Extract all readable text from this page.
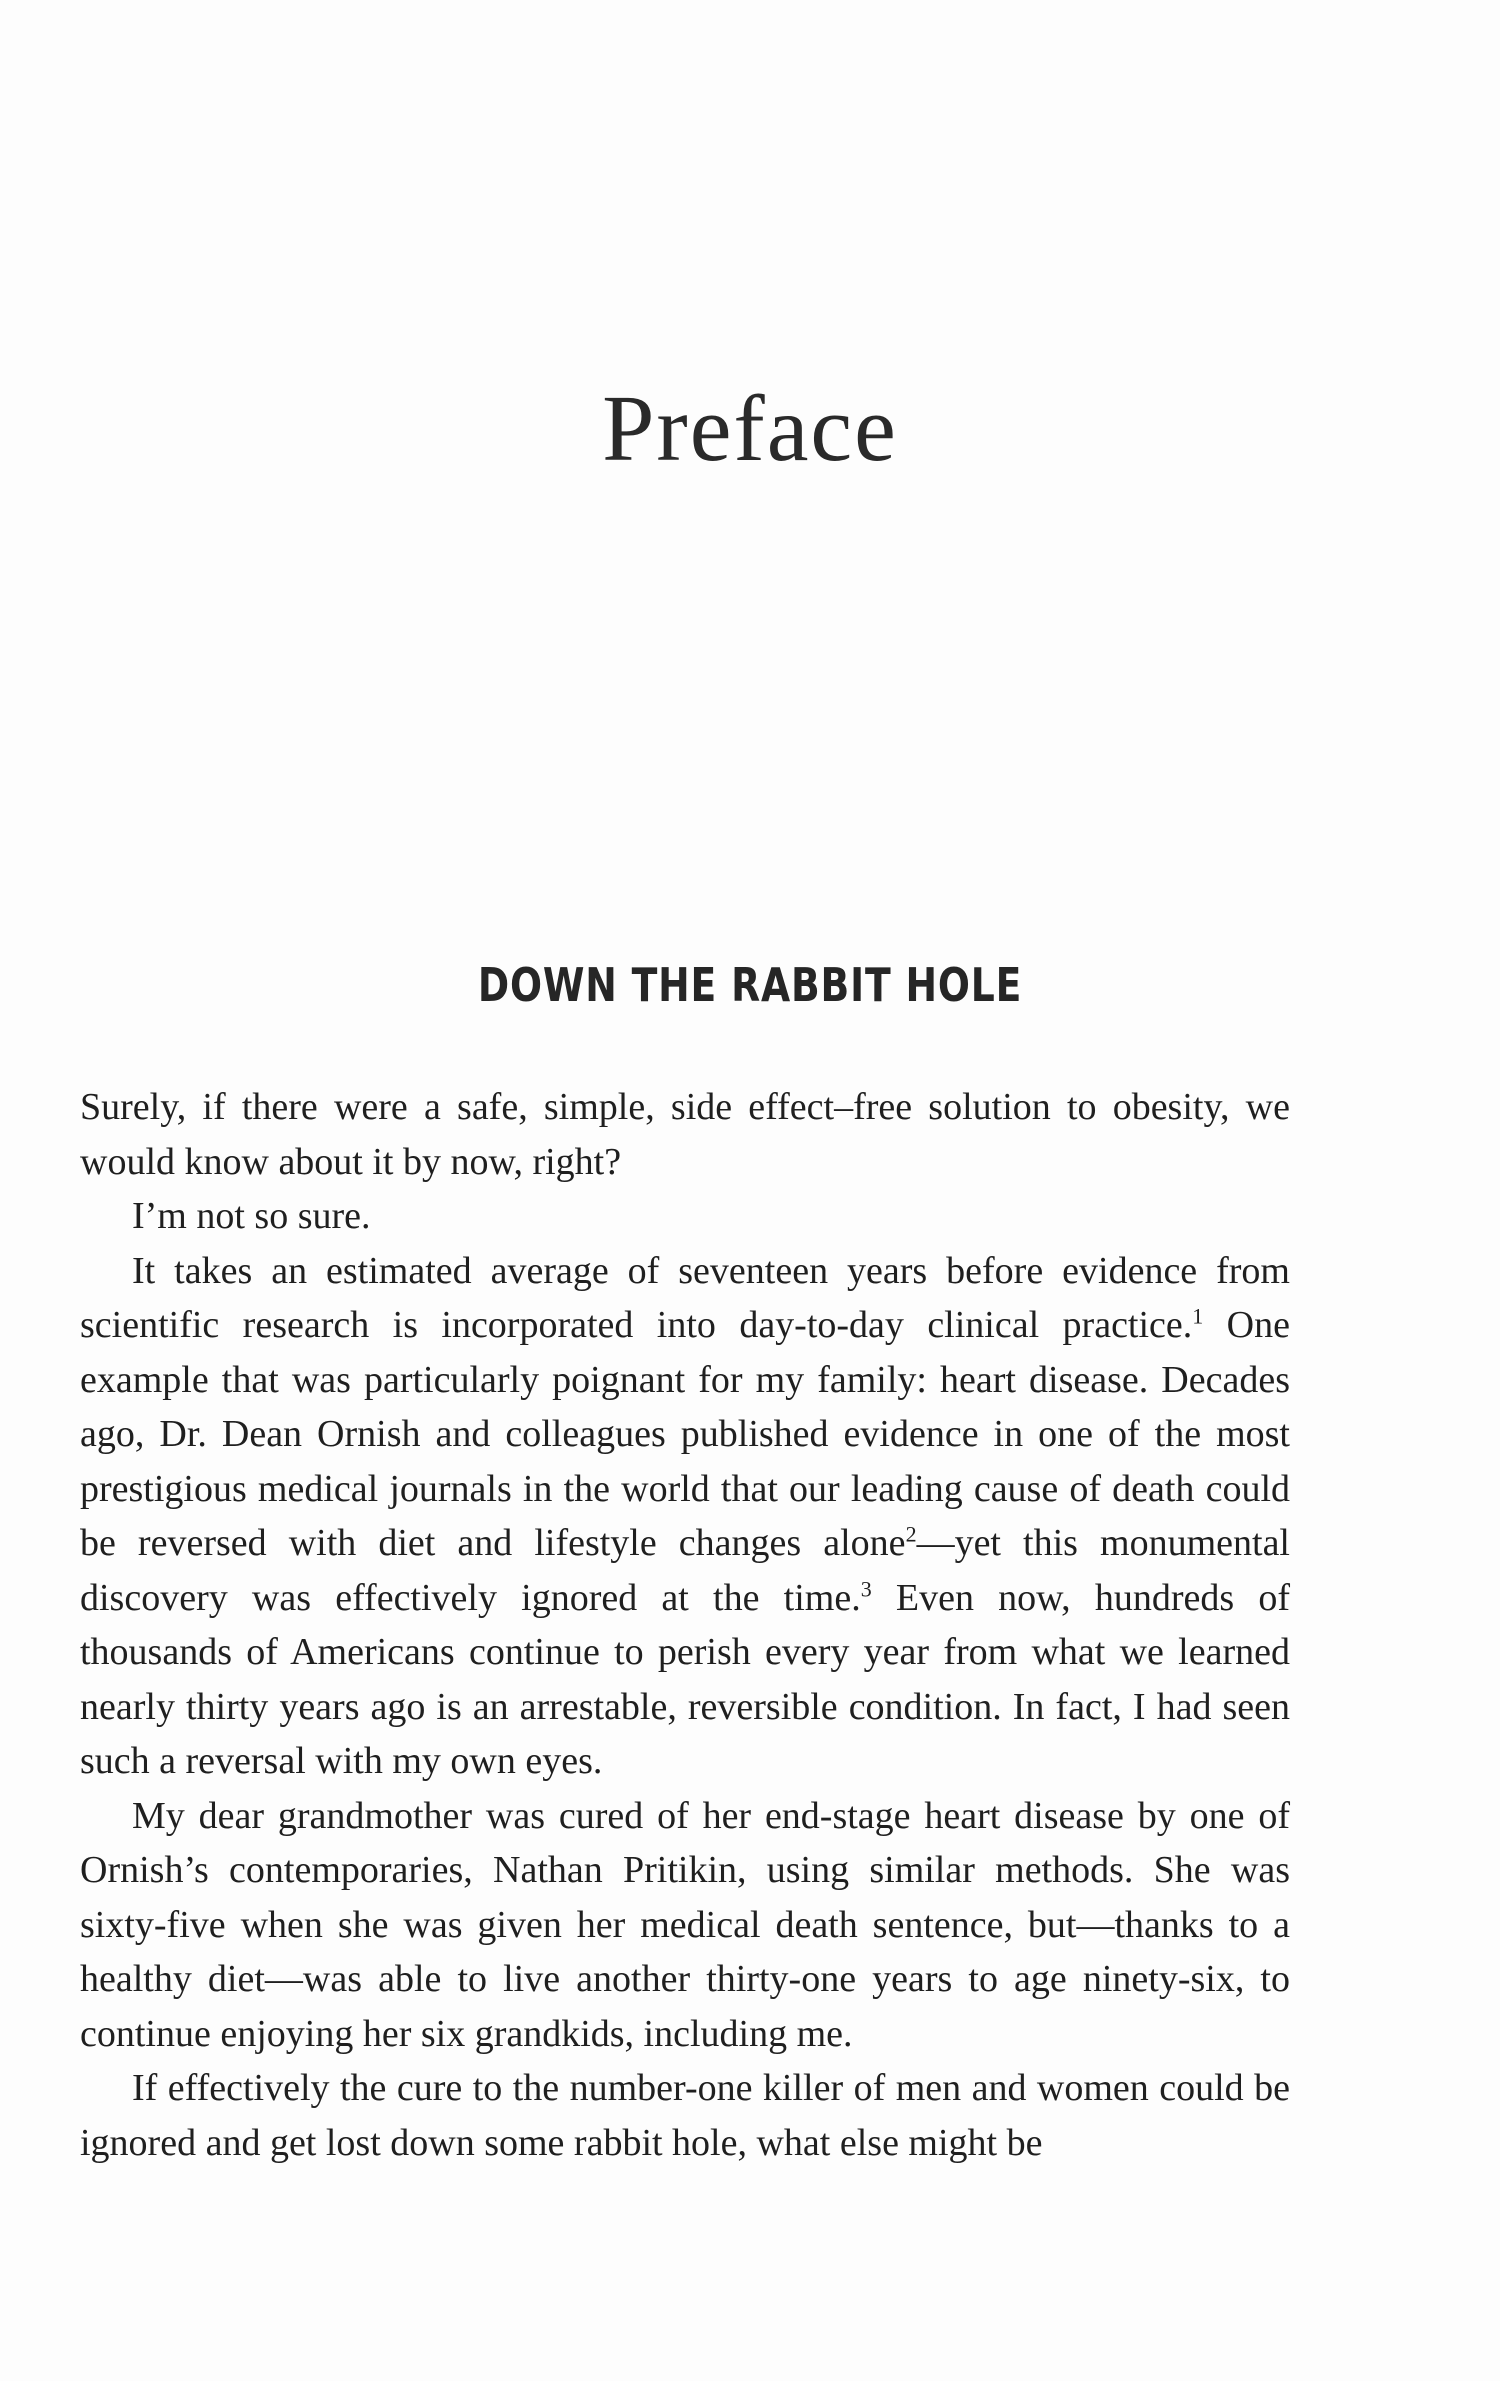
Preface
DOWN THE RABBIT HOLE

Surely, if there were a safe, simple, side effect–free solution to obesity, we would know about it by now, right?

I’m not so sure.

It takes an estimated average of seventeen years before evidence from scientific research is incorporated into day-to-day clinical practice.$^1$ One example that was particularly poignant for my family: heart disease. Decades ago, Dr. Dean Ornish and colleagues published evidence in one of the most prestigious medical journals in the world that our leading cause of death could be reversed with diet and lifestyle changes alone$^2$—yet this monumental discovery was effectively ignored at the time.$^3$ Even now, hundreds of thousands of Americans continue to perish every year from what we learned nearly thirty years ago is an arrestable, reversible condition. In fact, I had seen such a reversal with my own eyes.

My dear grandmother was cured of her end-stage heart disease by one of Ornish’s contemporaries, Nathan Pritikin, using similar methods. She was sixty-five when she was given her medical death sentence, but—thanks to a healthy diet—was able to live another thirty-one years to age ninety-six, to continue enjoying her six grandkids, including me.

If effectively the cure to the number-one killer of men and women could be ignored and get lost down some rabbit hole, what else might be
